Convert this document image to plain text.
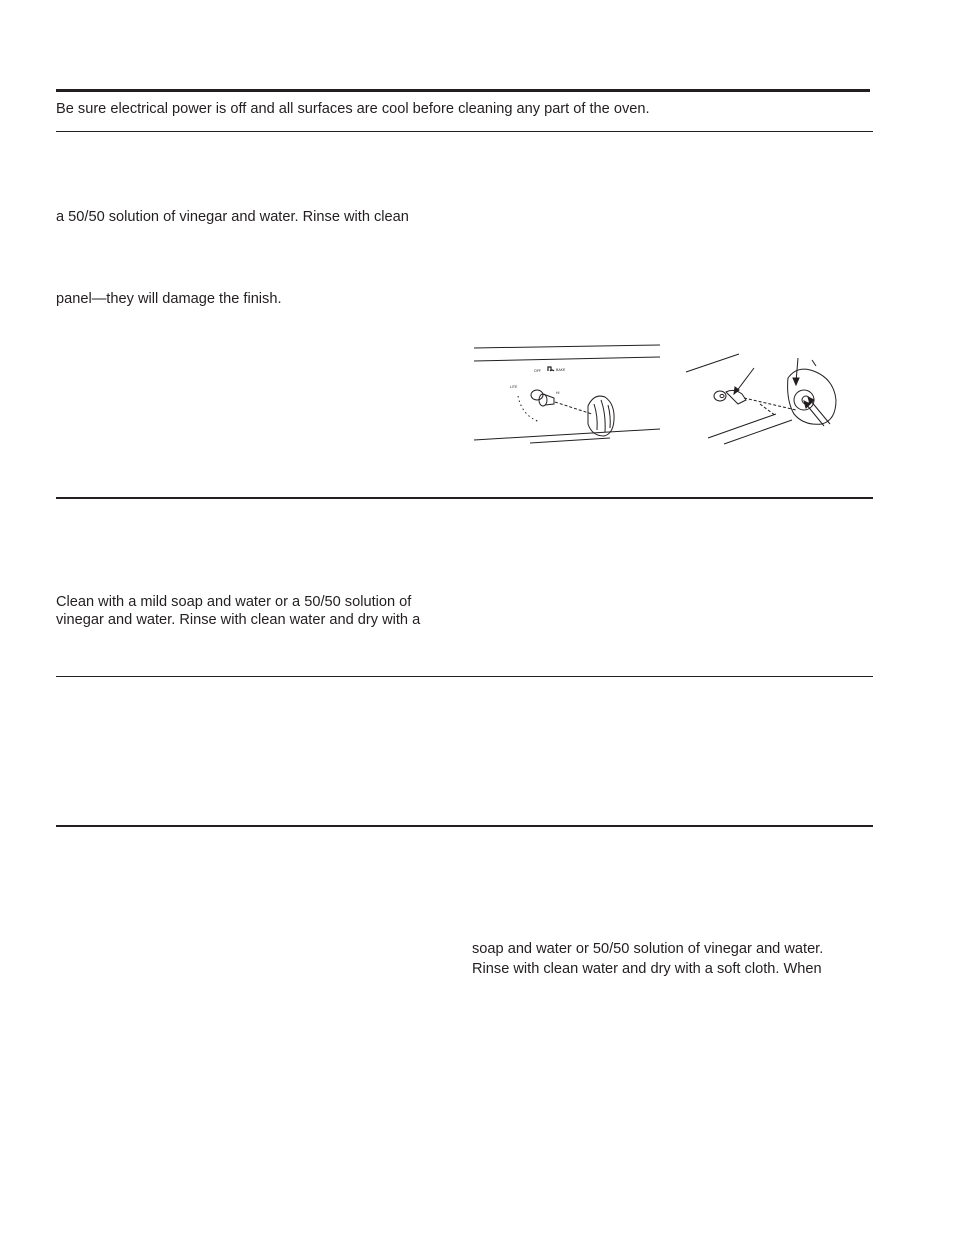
Be sure electrical power is off and all surfaces are cool before cleaning any part of the oven.
a 50/50 solution of vinegar and water. Rinse with clean
panel—they will damage the finish.
OFF	BAKE
LITE
HI
Clean with a mild soap and water or a 50/50 solution of
vinegar and water. Rinse with clean water and dry with a
soap and water or 50/50 solution of vinegar and water.
Rinse with clean water and dry with a soft cloth. When
